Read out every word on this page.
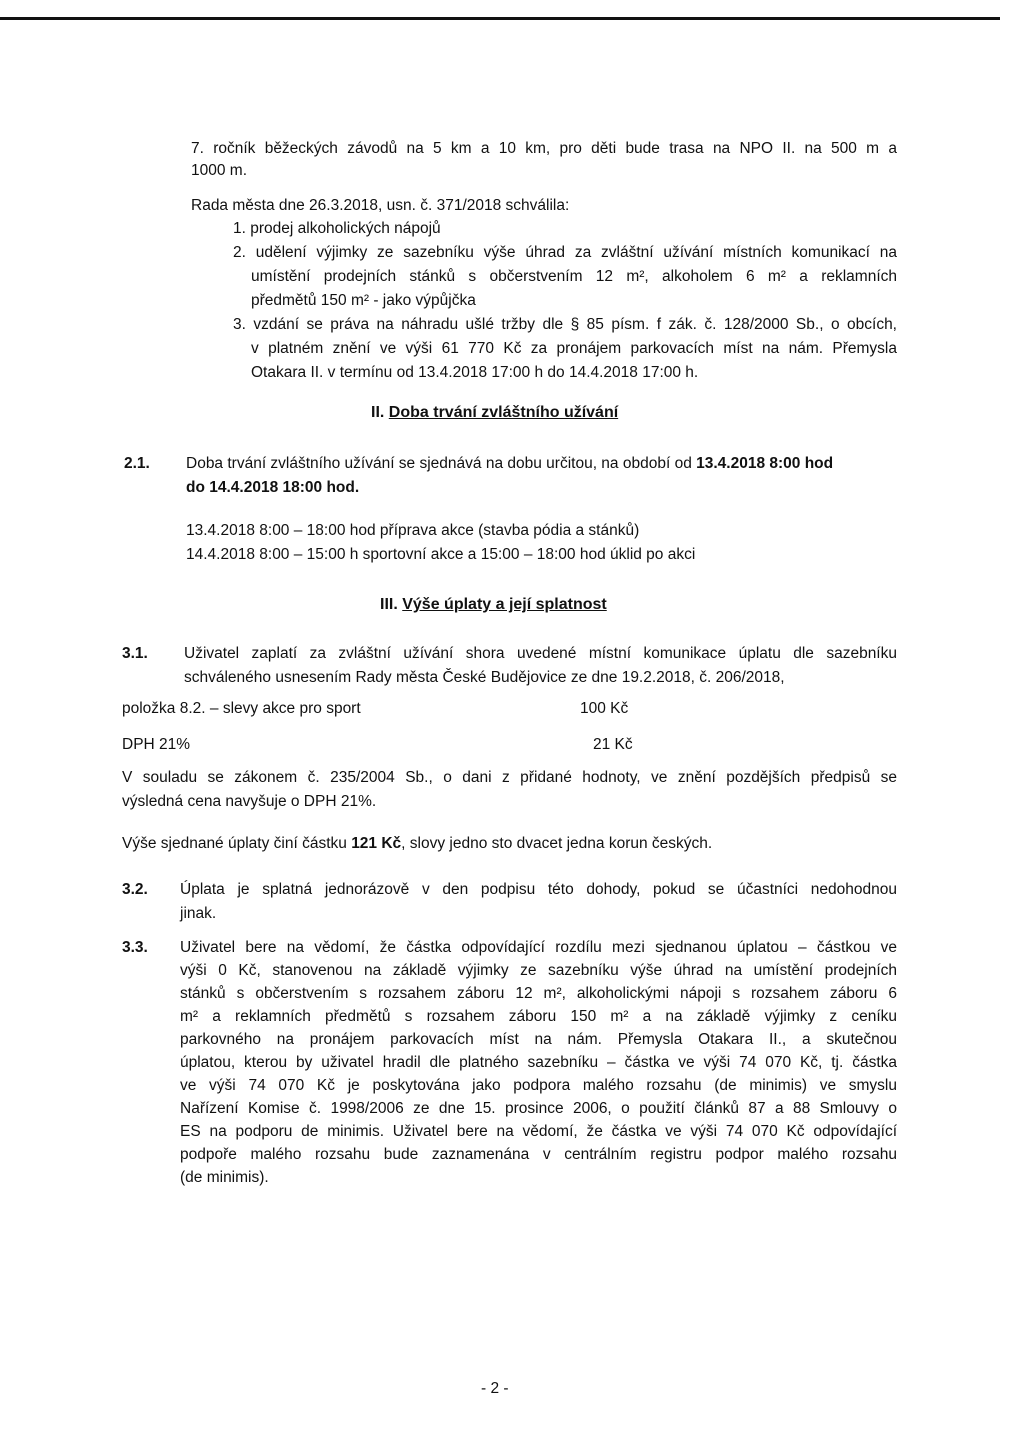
7. ročník běžeckých závodů na 5 km a 10 km, pro děti bude trasa na NPO II. na 500 m a
1000 m.
Rada města dne 26.3.2018, usn. č. 371/2018 schválila:
1. prodej alkoholických nápojů
2. udělení výjimky ze sazebníku výše úhrad za zvláštní užívání místních komunikací na
umístění prodejních stánků s občerstvením 12 m², alkoholem 6 m² a reklamních
předmětů 150 m² - jako výpůjčka
3. vzdání se práva na náhradu ušlé tržby dle § 85 písm. f zák. č. 128/2000 Sb., o obcích,
v platném znění ve výši 61 770 Kč za pronájem parkovacích míst na nám. Přemysla
Otakara II. v termínu od 13.4.2018 17:00 h do 14.4.2018 17:00 h.
II. Doba trvání zvláštního užívání
2.1. Doba trvání zvláštního užívání se sjednává na dobu určitou, na období od 13.4.2018 8:00 hod
do 14.4.2018 18:00 hod.
13.4.2018 8:00 – 18:00 hod příprava akce (stavba pódia a stánků)
14.4.2018 8:00 – 15:00 h sportovní akce a 15:00 – 18:00 hod úklid po akci
III. Výše úplaty a její splatnost
3.1. Uživatel zaplatí za zvláštní užívání shora uvedené místní komunikace úplatu dle sazebníku
schváleného usnesením Rady města České Budějovice ze dne 19.2.2018, č. 206/2018,
položka 8.2. – slevy akce pro sport	100 Kč
DPH 21%	21 Kč
V souladu se zákonem č. 235/2004 Sb., o dani z přidané hodnoty, ve znění pozdějších předpisů se
výsledná cena navyšuje o DPH 21%.
Výše sjednané úplaty činí částku 121 Kč, slovy jedno sto dvacet jedna korun českých.
3.2. Úplata je splatná jednorázově v den podpisu této dohody, pokud se účastníci nedohodnou
jinak.
3.3. Uživatel bere na vědomí, že částka odpovídající rozdílu mezi sjednanou úplatou – částkou ve
výši 0 Kč, stanovenou na základě výjimky ze sazebníku výše úhrad na umístění prodejních
stánků s občerstvením s rozsahem záboru 12 m², alkoholickými nápoji s rozsahem záboru 6
m² a reklamních předmětů s rozsahem záboru 150 m² a na základě výjimky z ceníku
parkovného na pronájem parkovacích míst na nám. Přemysla Otakara II., a skutečnou
úplatou, kterou by uživatel hradil dle platného sazebníku – částka ve výši 74 070 Kč, tj. částka
ve výši 74 070 Kč je poskytována jako podpora malého rozsahu (de minimis) ve smyslu
Nařízení Komise č. 1998/2006 ze dne 15. prosince 2006, o použití článků 87 a 88 Smlouvy o
ES na podporu de minimis. Uživatel bere na vědomí, že částka ve výši 74 070 Kč odpovídající
podpoře malého rozsahu bude zaznamenána v centrálním registru podpor malého rozsahu
(de minimis).
- 2 -
